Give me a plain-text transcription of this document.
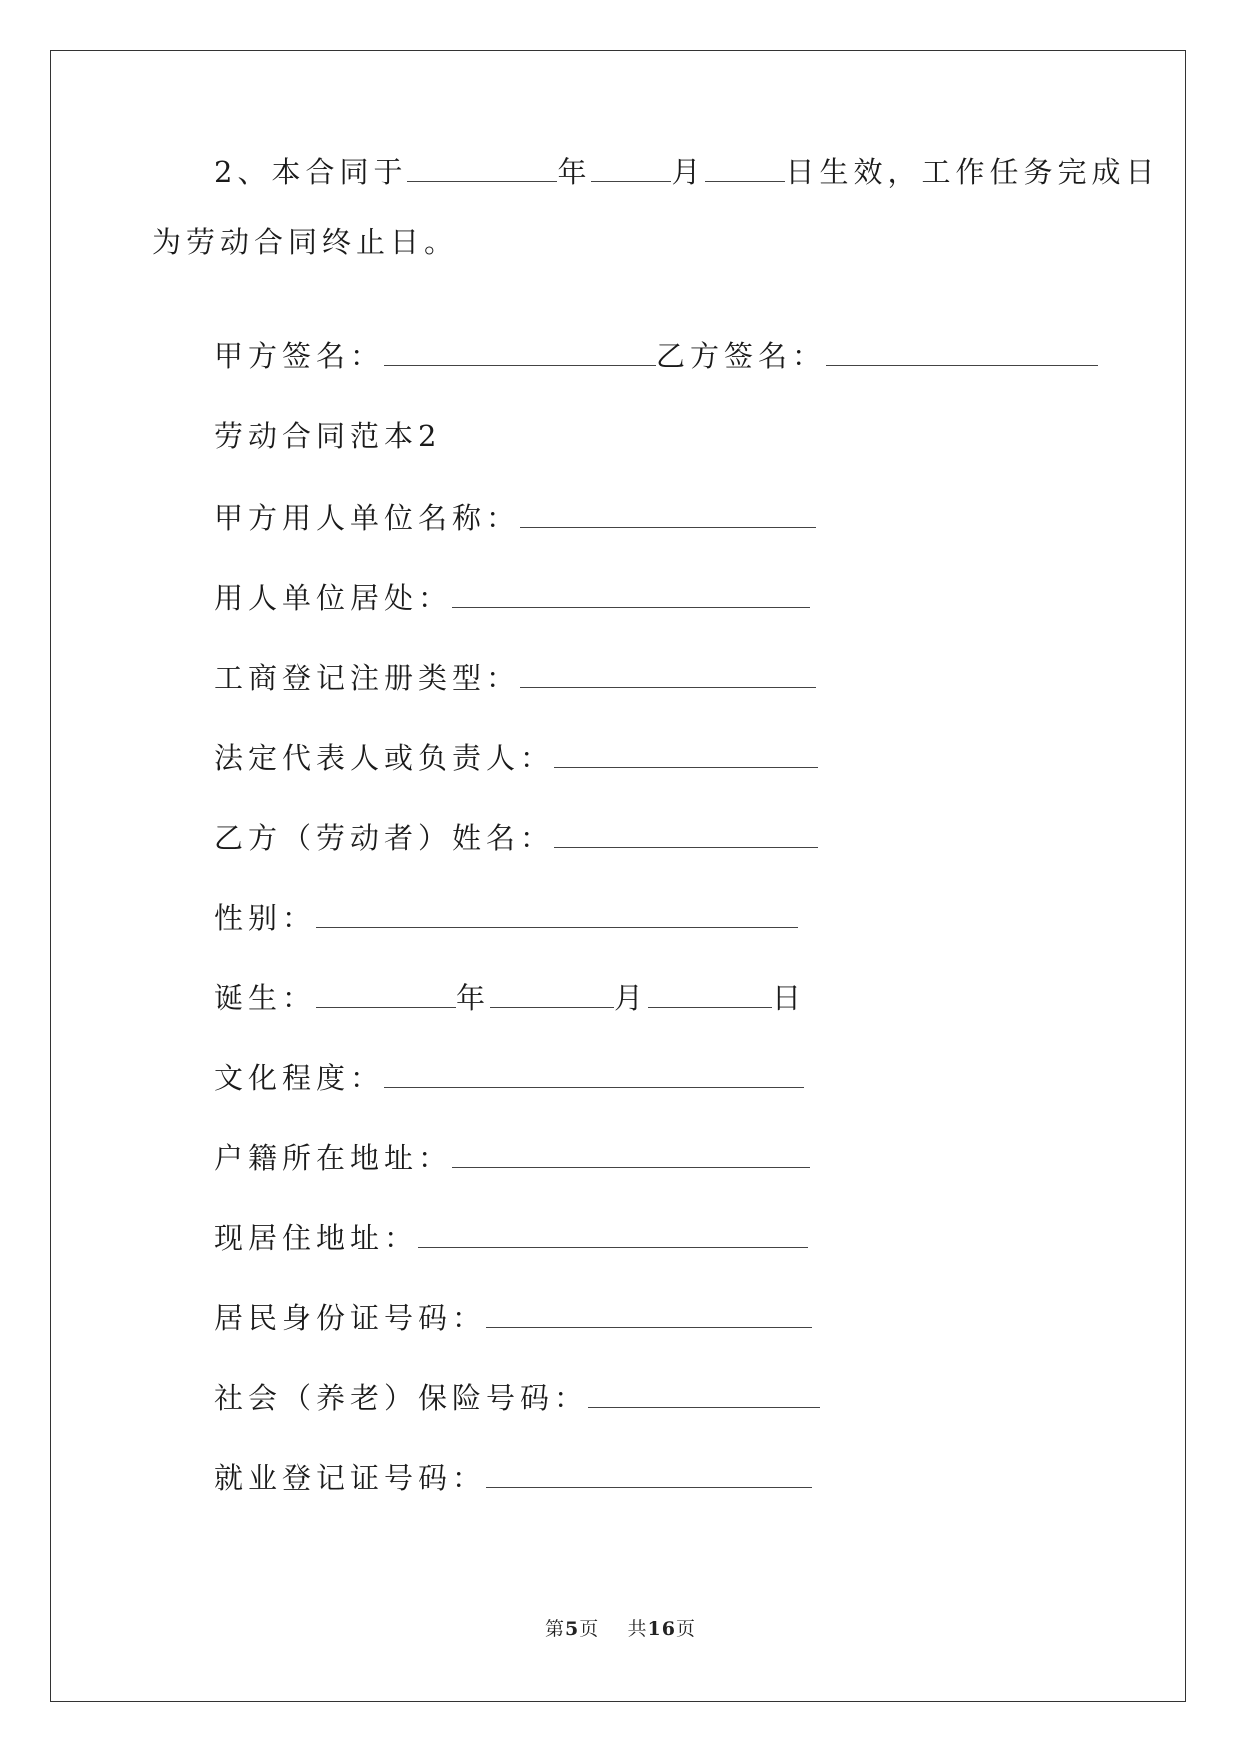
2、本合同于	年	月	日生效，工作任务完成日
为劳动合同终止日。
甲方签名：	乙方签名：
劳动合同范本2
甲方用人单位名称：
用人单位居处：
工商登记注册类型：
法定代表人或负责人：
乙方（劳动者）姓名：
性别：
诞生：	年	月	日
文化程度：
户籍所在地址：
现居住地址：
居民身份证号码：
社会（养老）保险号码：
就业登记证号码：
第5页 共16页
